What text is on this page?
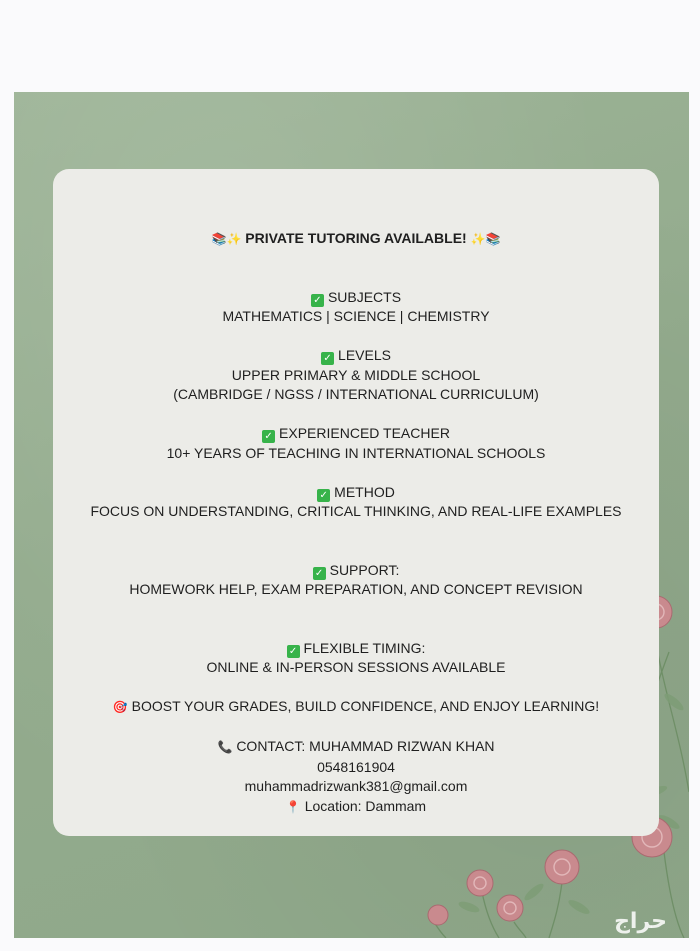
📚✨ PRIVATE TUTORING AVAILABLE! ✨📚
✓ SUBJECTS
MATHEMATICS | SCIENCE | CHEMISTRY
✓ LEVELS
UPPER PRIMARY & MIDDLE SCHOOL
(CAMBRIDGE / NGSS / INTERNATIONAL CURRICULUM)
✓ EXPERIENCED TEACHER
10+ YEARS OF TEACHING IN INTERNATIONAL SCHOOLS
✓ METHOD
FOCUS ON UNDERSTANDING, CRITICAL THINKING, AND REAL-LIFE EXAMPLES
✓ SUPPORT:
HOMEWORK HELP, EXAM PREPARATION, AND CONCEPT REVISION
✓ FLEXIBLE TIMING:
ONLINE & IN-PERSON SESSIONS AVAILABLE
🎯 BOOST YOUR GRADES, BUILD CONFIDENCE, AND ENJOY LEARNING!
📞 CONTACT: MUHAMMAD RIZWAN KHAN
0548161904
muhammadrizwank381@gmail.com
📍 Location: Dammam
حراج
